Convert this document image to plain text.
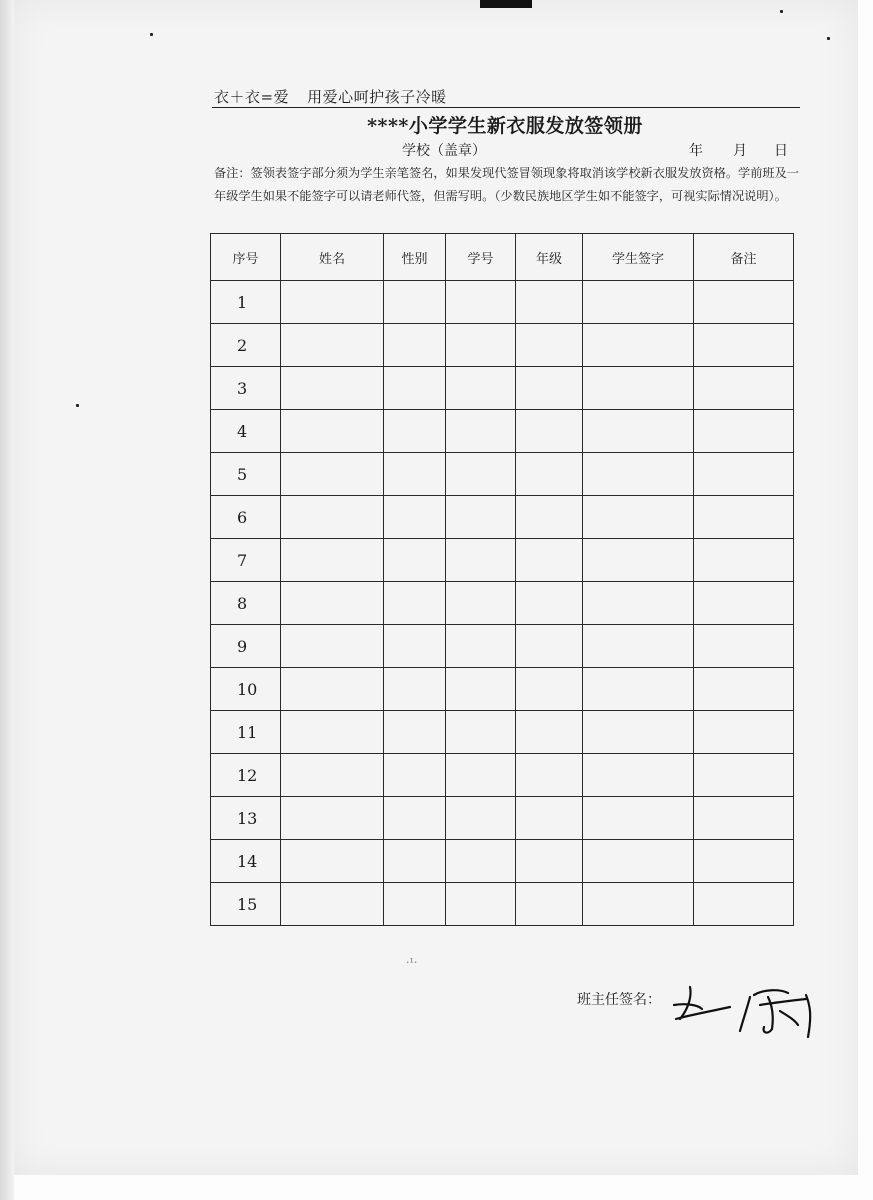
衣＋衣=爱 用爱心呵护孩子冷暖
****小学学生新衣服发放签领册
学校（盖章）	年 月 日
备注：签领表签字部分须为学生亲笔签名，如果发现代签冒领现象将取消该学校新衣服发放资格。学前班及一年级学生如果不能签字可以请老师代签，但需写明。（少数民族地区学生如不能签字，可视实际情况说明）。
序号	姓名	性别	学号	年级	学生签字	备注
1						
2						
3						
4						
5						
6						
7						
8						
9						
10						
11						
12						
13						
14						
15						
·¹·
班主任签名：
